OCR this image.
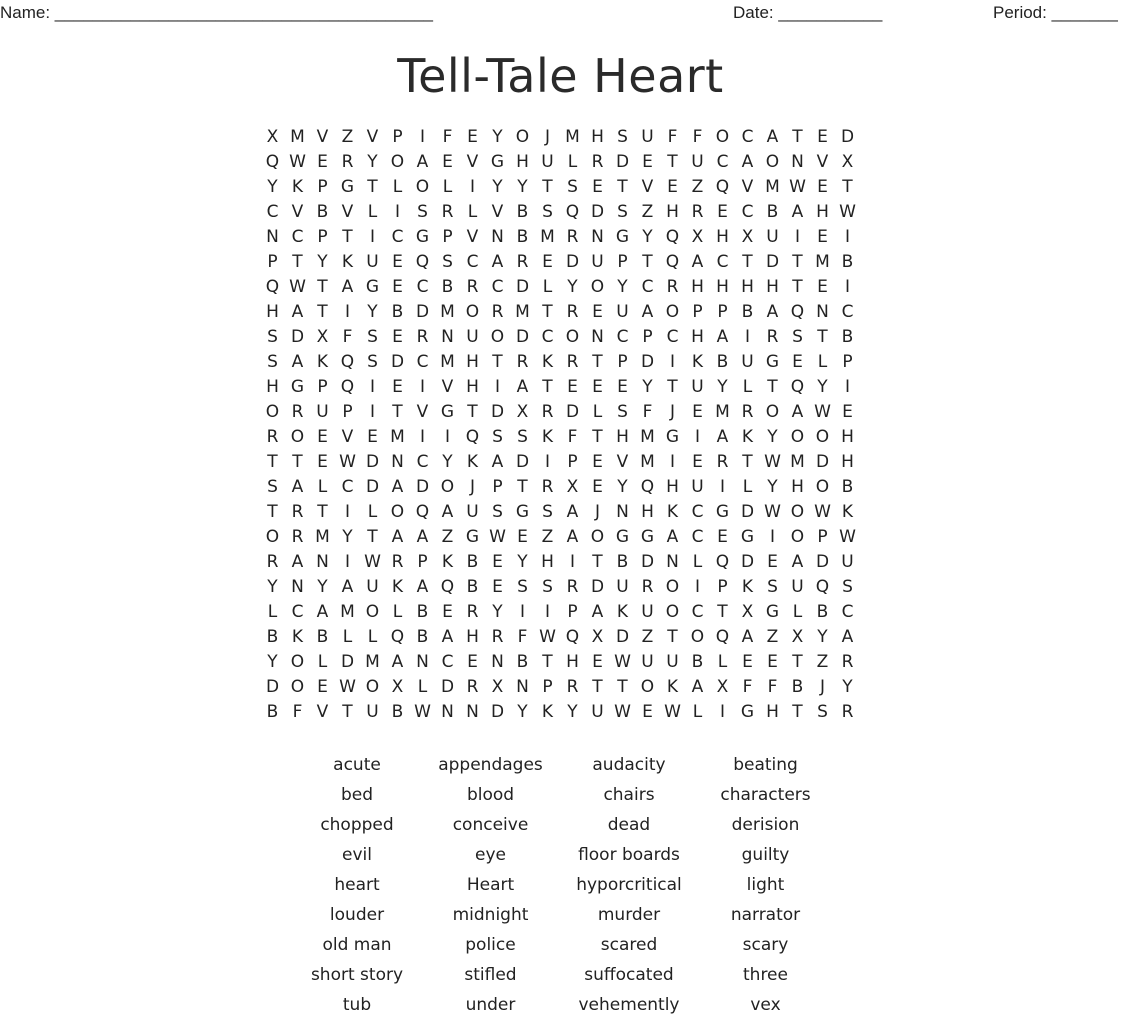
Name: ________________________________________	Date: ___________	Period: _______
Tell-Tale Heart
X M V Z V P	I	F E Y O J M H S U F F O C A T E D
Q W E R Y O A E V G H U L R D E T U C A O N V X
Y K P G T L O L	I	Y Y T S E T V E Z Q V M W E T
C V B V L	I	S R L V B S Q D S Z H R E C B A H W
N C P T	I C G P V N B M R N G Y Q X H X U I	E	I
P T Y K U E Q S C A R E D U P T Q A C T D T M B
Q W T A G E C B R C D L Y O Y C R H H H H T E	I
H A T	I	Y B D M O R M T R E U A O P P B A Q N C
S D X F S E R N U O D C O N C P C H A I R S T B
S A K Q S D C M H T R K R T P D I K B U G E L P
H G P Q I	E	I V H I A T E E E Y T U Y L T Q Y	I
O R U P	I	T V G T D X R D L S F	J	E M R O A W E
R O E V E M I	I Q S S K F T H M G I A K Y O O H
T T E W D N C Y K A D I	P E V M I	E R T W M D H
S A L C D A D O J	P T R X E Y Q H U I	L Y H O B
T R T	I	L O Q A U S G S A J N H K C G D W O W K
O R M Y T A A Z G W E Z A O G G A C E G I O P W
R A N I W R P K B E Y H I	T B D N L Q D E A D U
Y N Y A U K A Q B E S S R D U R O I	P K S U Q S
L C A M O L B E R Y	I	I	P A K U O C T X G L B C
B K B L L Q B A H R F W Q X D Z T O Q A Z X Y A
Y O L D M A N C E N B T H E W U U B L E E T Z R
D O E W O X L D R X N P R T T O K A X F F B J	Y
B F V T U B W N N D Y K Y U W E W L	I G H T S R
acute	appendages	audacity	beating
bed	blood	chairs	characters
chopped	conceive	dead	derision
evil	eye	floor boards	guilty
heart	Heart	hyporcritical	light
louder	midnight	murder	narrator
old man	police	scared	scary
short story	stifled	suffocated	three
tub	under	vehemently	vex
